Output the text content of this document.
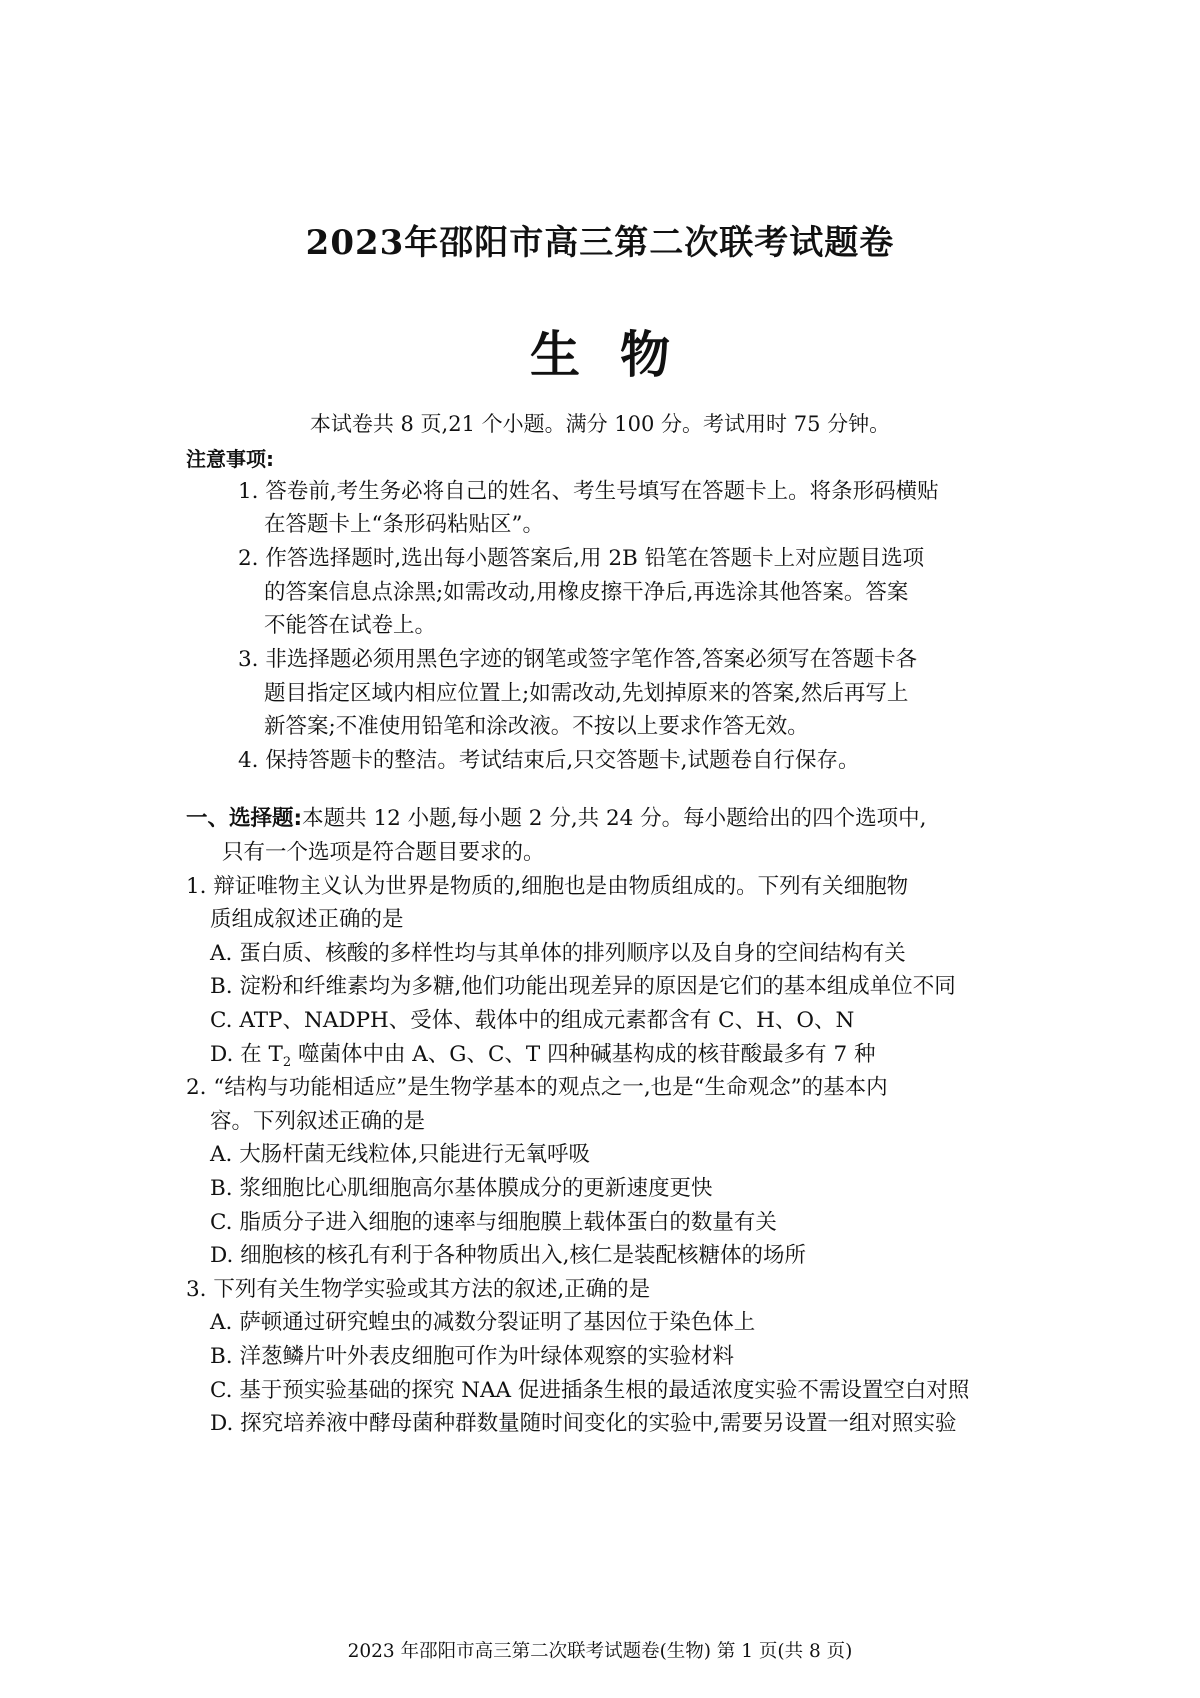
2023年邵阳市高三第二次联考试题卷
生物
本试卷共 8 页,21 个小题。满分 100 分。考试用时 75 分钟。
注意事项:
1. 答卷前,考生务必将自己的姓名、考生号填写在答题卡上。将条形码横贴
在答题卡上“条形码粘贴区”。
2. 作答选择题时,选出每小题答案后,用 2B 铅笔在答题卡上对应题目选项
的答案信息点涂黑;如需改动,用橡皮擦干净后,再选涂其他答案。答案
不能答在试卷上。
3. 非选择题必须用黑色字迹的钢笔或签字笔作答,答案必须写在答题卡各
题目指定区域内相应位置上;如需改动,先划掉原来的答案,然后再写上
新答案;不准使用铅笔和涂改液。不按以上要求作答无效。
4. 保持答题卡的整洁。考试结束后,只交答题卡,试题卷自行保存。
一、选择题:本题共 12 小题,每小题 2 分,共 24 分。每小题给出的四个选项中,
只有一个选项是符合题目要求的。
1. 辩证唯物主义认为世界是物质的,细胞也是由物质组成的。下列有关细胞物
质组成叙述正确的是
A. 蛋白质、核酸的多样性均与其单体的排列顺序以及自身的空间结构有关
B. 淀粉和纤维素均为多糖,他们功能出现差异的原因是它们的基本组成单位不同
C. ATP、NADPH、受体、载体中的组成元素都含有 C、H、O、N
D. 在 $T_2$ 噬菌体中由 A、G、C、T 四种碱基构成的核苷酸最多有 7 种
2. “结构与功能相适应”是生物学基本的观点之一,也是“生命观念”的基本内
容。下列叙述正确的是
A. 大肠杆菌无线粒体,只能进行无氧呼吸
B. 浆细胞比心肌细胞高尔基体膜成分的更新速度更快
C. 脂质分子进入细胞的速率与细胞膜上载体蛋白的数量有关
D. 细胞核的核孔有利于各种物质出入,核仁是装配核糖体的场所
3. 下列有关生物学实验或其方法的叙述,正确的是
A. 萨顿通过研究蝗虫的减数分裂证明了基因位于染色体上
B. 洋葱鳞片叶外表皮细胞可作为叶绿体观察的实验材料
C. 基于预实验基础的探究 NAA 促进插条生根的最适浓度实验不需设置空白对照
D. 探究培养液中酵母菌种群数量随时间变化的实验中,需要另设置一组对照实验
2023 年邵阳市高三第二次联考试题卷(生物) 第 1 页(共 8 页)
